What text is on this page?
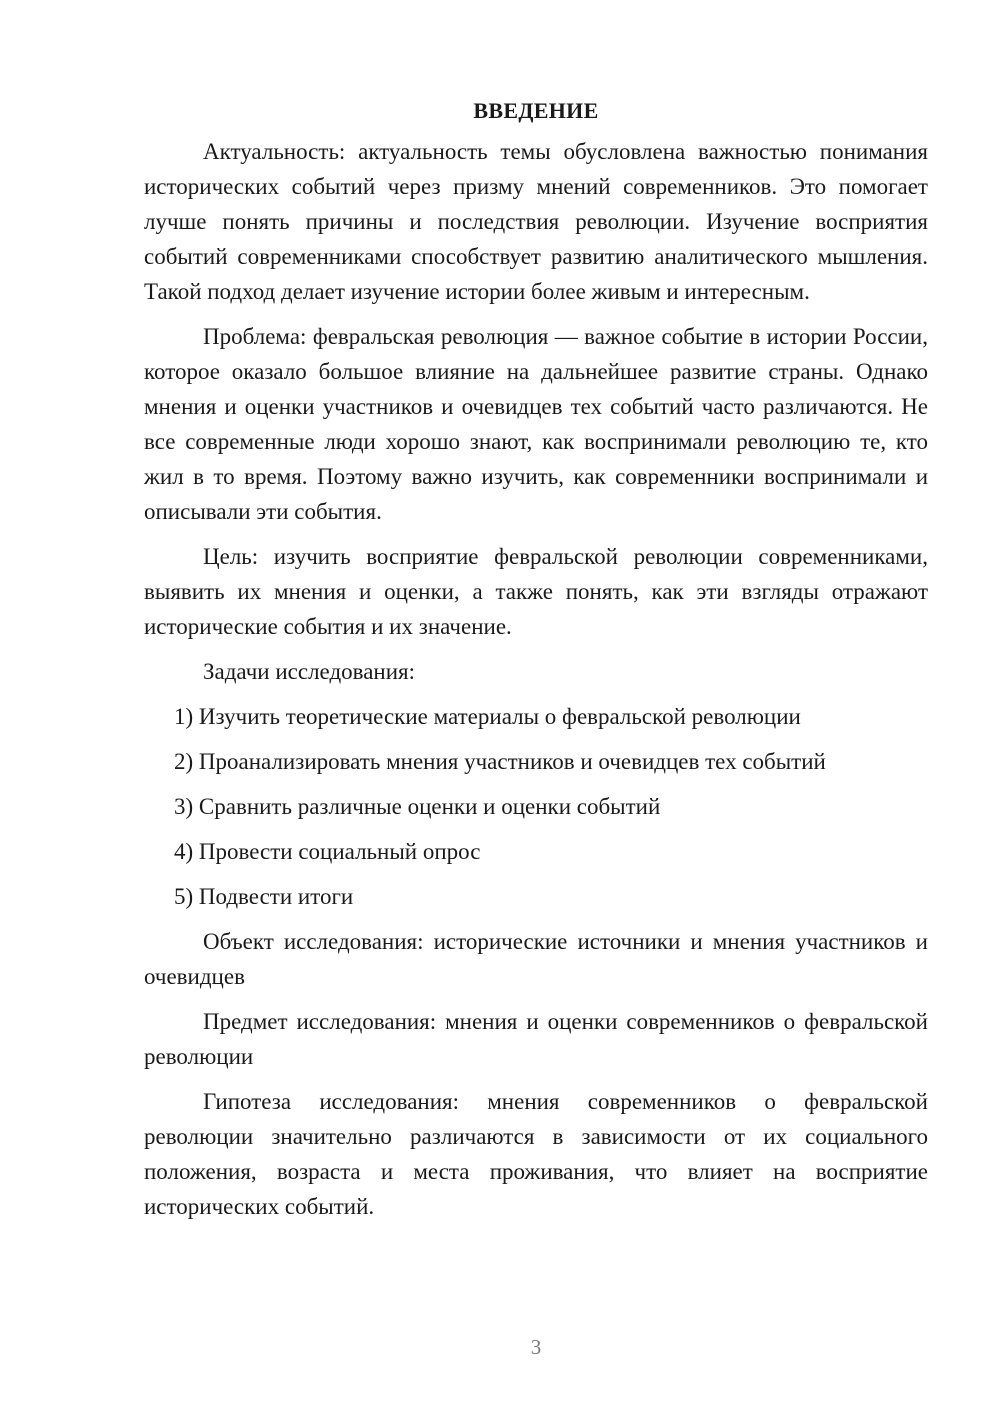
ВВЕДЕНИЕ

Актуальность: актуальность темы обусловлена важностью понимания исторических событий через призму мнений современников. Это помогает лучше понять причины и последствия революции. Изучение восприятия событий современниками способствует развитию аналитического мышления. Такой подход делает изучение истории более живым и интересным.

Проблема: февральская революция — важное событие в истории России, которое оказало большое влияние на дальнейшее развитие страны. Однако мнения и оценки участников и очевидцев тех событий часто различаются. Не все современные люди хорошо знают, как воспринимали революцию те, кто жил в то время. Поэтому важно изучить, как современники воспринимали и описывали эти события.

Цель: изучить восприятие февральской революции современниками, выявить их мнения и оценки, а также понять, как эти взгляды отражают исторические события и их значение.

Задачи исследования:

1) Изучить теоретические материалы о февральской революции
2) Проанализировать мнения участников и очевидцев тех событий
3) Сравнить различные оценки и оценки событий
4) Провести социальный опрос
5) Подвести итоги

Объект исследования: исторические источники и мнения участников и очевидцев

Предмет исследования: мнения и оценки современников о февральской революции

Гипотеза исследования: мнения современников о февральской революции значительно различаются в зависимости от их социального положения, возраста и места проживания, что влияет на восприятие исторических событий.

3
